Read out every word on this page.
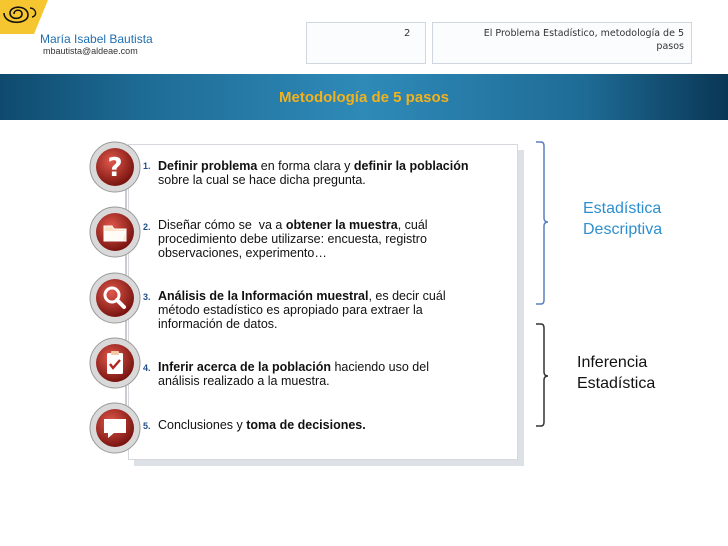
María Isabel Bautista
mbautista@aldeae.com
2	El Problema Estadístico, metodología de 5
pasos
Metodología de 5 pasos
? 1. Definir problema en forma clara y definir la población
sobre la cual se hace dicha pregunta.
2. Diseñar cómo se  va a obtener la muestra, cuál
procedimiento debe utilizarse: encuesta, registro
observaciones, experimento…
3. Análisis de la Información muestral, es decir cuál
método estadístico es apropiado para extraer la
información de datos.
4. Inferir acerca de la población haciendo uso del
análisis realizado a la muestra.
5. Conclusiones y toma de decisiones.
Estadística
Descriptiva
Inferencia
Estadística
